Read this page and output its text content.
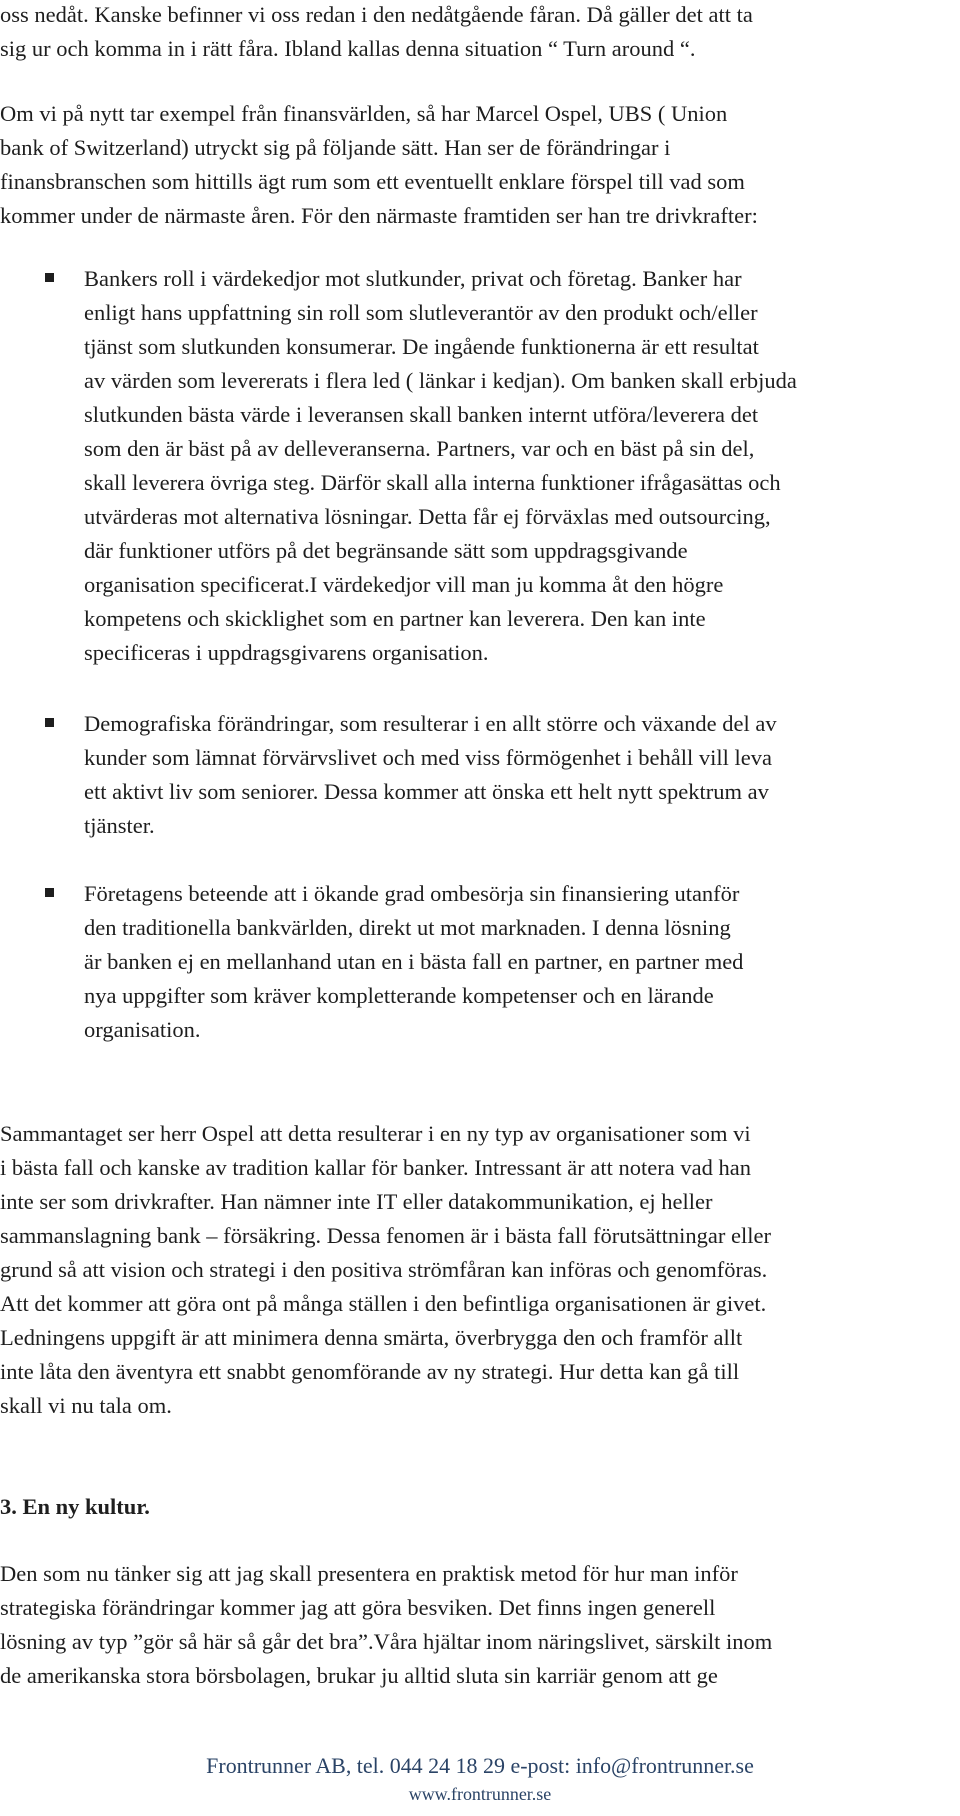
oss nedåt. Kanske befinner vi oss redan i den nedåtgående fåran. Då gäller det att ta
sig ur och komma in i rätt fåra. Ibland kallas denna situation “ Turn around “.
Om vi på nytt tar exempel från finansvärlden, så har Marcel Ospel, UBS ( Union
bank of Switzerland) utryckt sig på följande sätt. Han ser de förändringar i
finansbranschen som hittills ägt rum som ett eventuellt enklare förspel till vad som
kommer under de närmaste åren. För den närmaste framtiden ser han tre drivkrafter:
Bankers roll i värdekedjor mot slutkunder, privat och företag. Banker har
enligt hans uppfattning sin roll som slutleverantör av den produkt och/eller
tjänst som slutkunden konsumerar. De ingående funktionerna är ett resultat
av värden som levererats i flera led ( länkar i kedjan). Om banken skall erbjuda
slutkunden bästa värde i leveransen skall banken internt utföra/leverera det
som den är bäst på av delleveranserna. Partners, var och en bäst på sin del,
skall leverera övriga steg. Därför skall alla interna funktioner ifrågasättas och
utvärderas mot alternativa lösningar. Detta får ej förväxlas med outsourcing,
där funktioner utförs på det begränsande sätt som uppdragsgivande
organisation specificerat.I värdekedjor vill man ju komma åt den högre
kompetens och skicklighet som en partner kan leverera. Den kan inte
specificeras i uppdragsgivarens organisation.
Demografiska förändringar, som resulterar i en allt större och växande del av
kunder som lämnat förvärvslivet och med viss förmögenhet i behåll vill leva
ett aktivt liv som seniorer. Dessa kommer att önska ett helt nytt spektrum av
tjänster.
Företagens beteende att i ökande grad ombesörja sin finansiering utanför
den traditionella bankvärlden, direkt ut mot marknaden. I denna lösning
är banken ej en mellanhand utan en i bästa fall en partner, en partner med
nya uppgifter som kräver kompletterande kompetenser och en lärande
organisation.
Sammantaget ser herr Ospel att detta resulterar i en ny typ av organisationer som vi
i bästa fall och kanske av tradition kallar för banker. Intressant är att notera vad han
inte ser som drivkrafter. Han nämner inte IT eller datakommunikation, ej heller
sammanslagning bank – försäkring. Dessa fenomen är i bästa fall förutsättningar eller
grund så att vision och strategi i den positiva strömfåran kan införas och genomföras.
Att det kommer att göra ont på många ställen i den befintliga organisationen är givet.
Ledningens uppgift är att minimera denna smärta, överbrygga den och framför allt
inte låta den äventyra ett snabbt genomförande av ny strategi. Hur detta kan gå till
skall vi nu tala om.
3. En ny kultur.
Den som nu tänker sig att jag skall presentera en praktisk metod för hur man inför
strategiska förändringar kommer jag att göra besviken. Det finns ingen generell
lösning av typ ”gör så här så går det bra”.Våra hjältar inom näringslivet, särskilt inom
de amerikanska stora börsbolagen, brukar ju alltid sluta sin karriär genom att ge
Frontrunner AB, tel. 044 24 18 29 e-post: info@frontrunner.se
www.frontrunner.se
